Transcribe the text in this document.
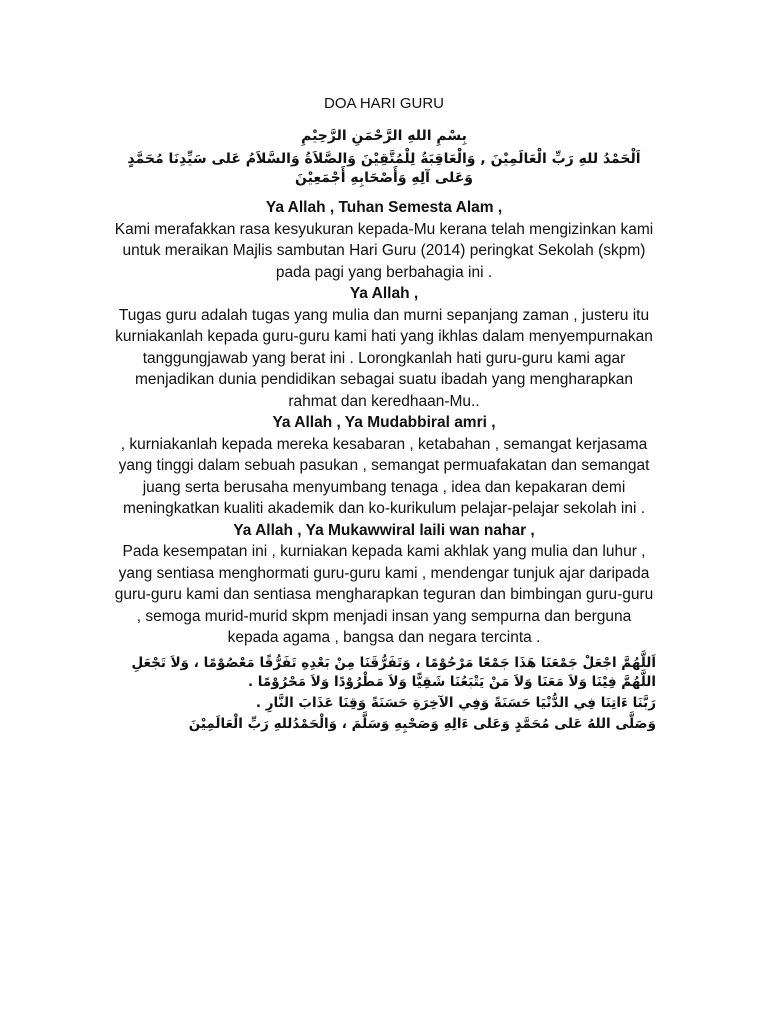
DOA HARI GURU
بِسْمِ اللهِ الرَّحْمَنِ الرَّحِيْمِ
اَلْحَمْدُ للهِ رَبِّ الْعَالَمِيْنَ , وَالْعَاقِبَةُ لِلْمُتَّقِيْنَ وَالصَّلاَةُ وَالسَّلاَمُ عَلى سَيِّدِنَا مُحَمَّدٍ وَعَلى آلِهِ وَأَصْحَابِهِ أَجْمَعِيْنَ

Ya Allah , Tuhan Semesta Alam ,

Kami merafakkan rasa kesyukuran kepada-Mu kerana telah mengizinkan kami untuk meraikan Majlis sambutan Hari Guru (2014) peringkat Sekolah (skpm) pada pagi yang berbahagia ini .

Ya Allah ,

Tugas guru adalah tugas yang mulia dan murni sepanjang zaman , justeru itu kurniakanlah kepada guru-guru kami hati yang ikhlas dalam menyempurnakan tanggungjawab yang berat ini . Lorongkanlah hati guru-guru kami agar menjadikan dunia pendidikan sebagai suatu ibadah yang mengharapkan rahmat dan keredhaan-Mu..

Ya Allah , Ya Mudabbiral amri ,

, kurniakanlah kepada mereka kesabaran , ketabahan , semangat kerjasama yang tinggi dalam sebuah pasukan , semangat permuafakatan dan semangat juang serta berusaha menyumbang tenaga , idea dan kepakaran demi meningkatkan kualiti akademik dan ko-kurikulum pelajar-pelajar sekolah ini .

Ya Allah , Ya Mukawwiral laili wan nahar ,

Pada kesempatan ini , kurniakan kepada kami akhlak yang mulia dan luhur , yang sentiasa menghormati guru-guru kami , mendengar tunjuk ajar daripada guru-guru kami dan sentiasa mengharapkan teguran dan bimbingan guru-guru , semoga murid-murid skpm menjadi insan yang sempurna dan berguna kepada agama , bangsa dan negara tercinta .

اَللَّهُمَّ اجْعَلْ جَمْعَنَا هَذَا جَمْعًا مَرْحُوْمًا ، وَتَفَرُّقَنَا مِنْ بَعْدِهِ تَفَرُّقًا مَعْصُوْمًا ، وَلاَ تَجْعَلِ اللَّهُمَّ فِيْنَا وَلاَ مَعَنَا وَلاَ مَنْ يَتْبَعُنَا شَقِيًّا وَلاَ مَطْرُوْدًا وَلاَ مَحْرُوْمًا .
رَبَّنَا ءَاتِنَا فِي الدُّنْيَا حَسَنَةً وَفِي الآخِرَةِ حَسَنَةً وَقِنَا عَذَابَ النَّارِ .
وَصَلَّى اللهُ عَلى مُحَمَّدٍ وَعَلى ءَالِهِ وَصَحْبِهِ وَسَلَّمَ ، وَالْحَمْدُللهِ رَبِّ الْعَالَمِيْنَ
